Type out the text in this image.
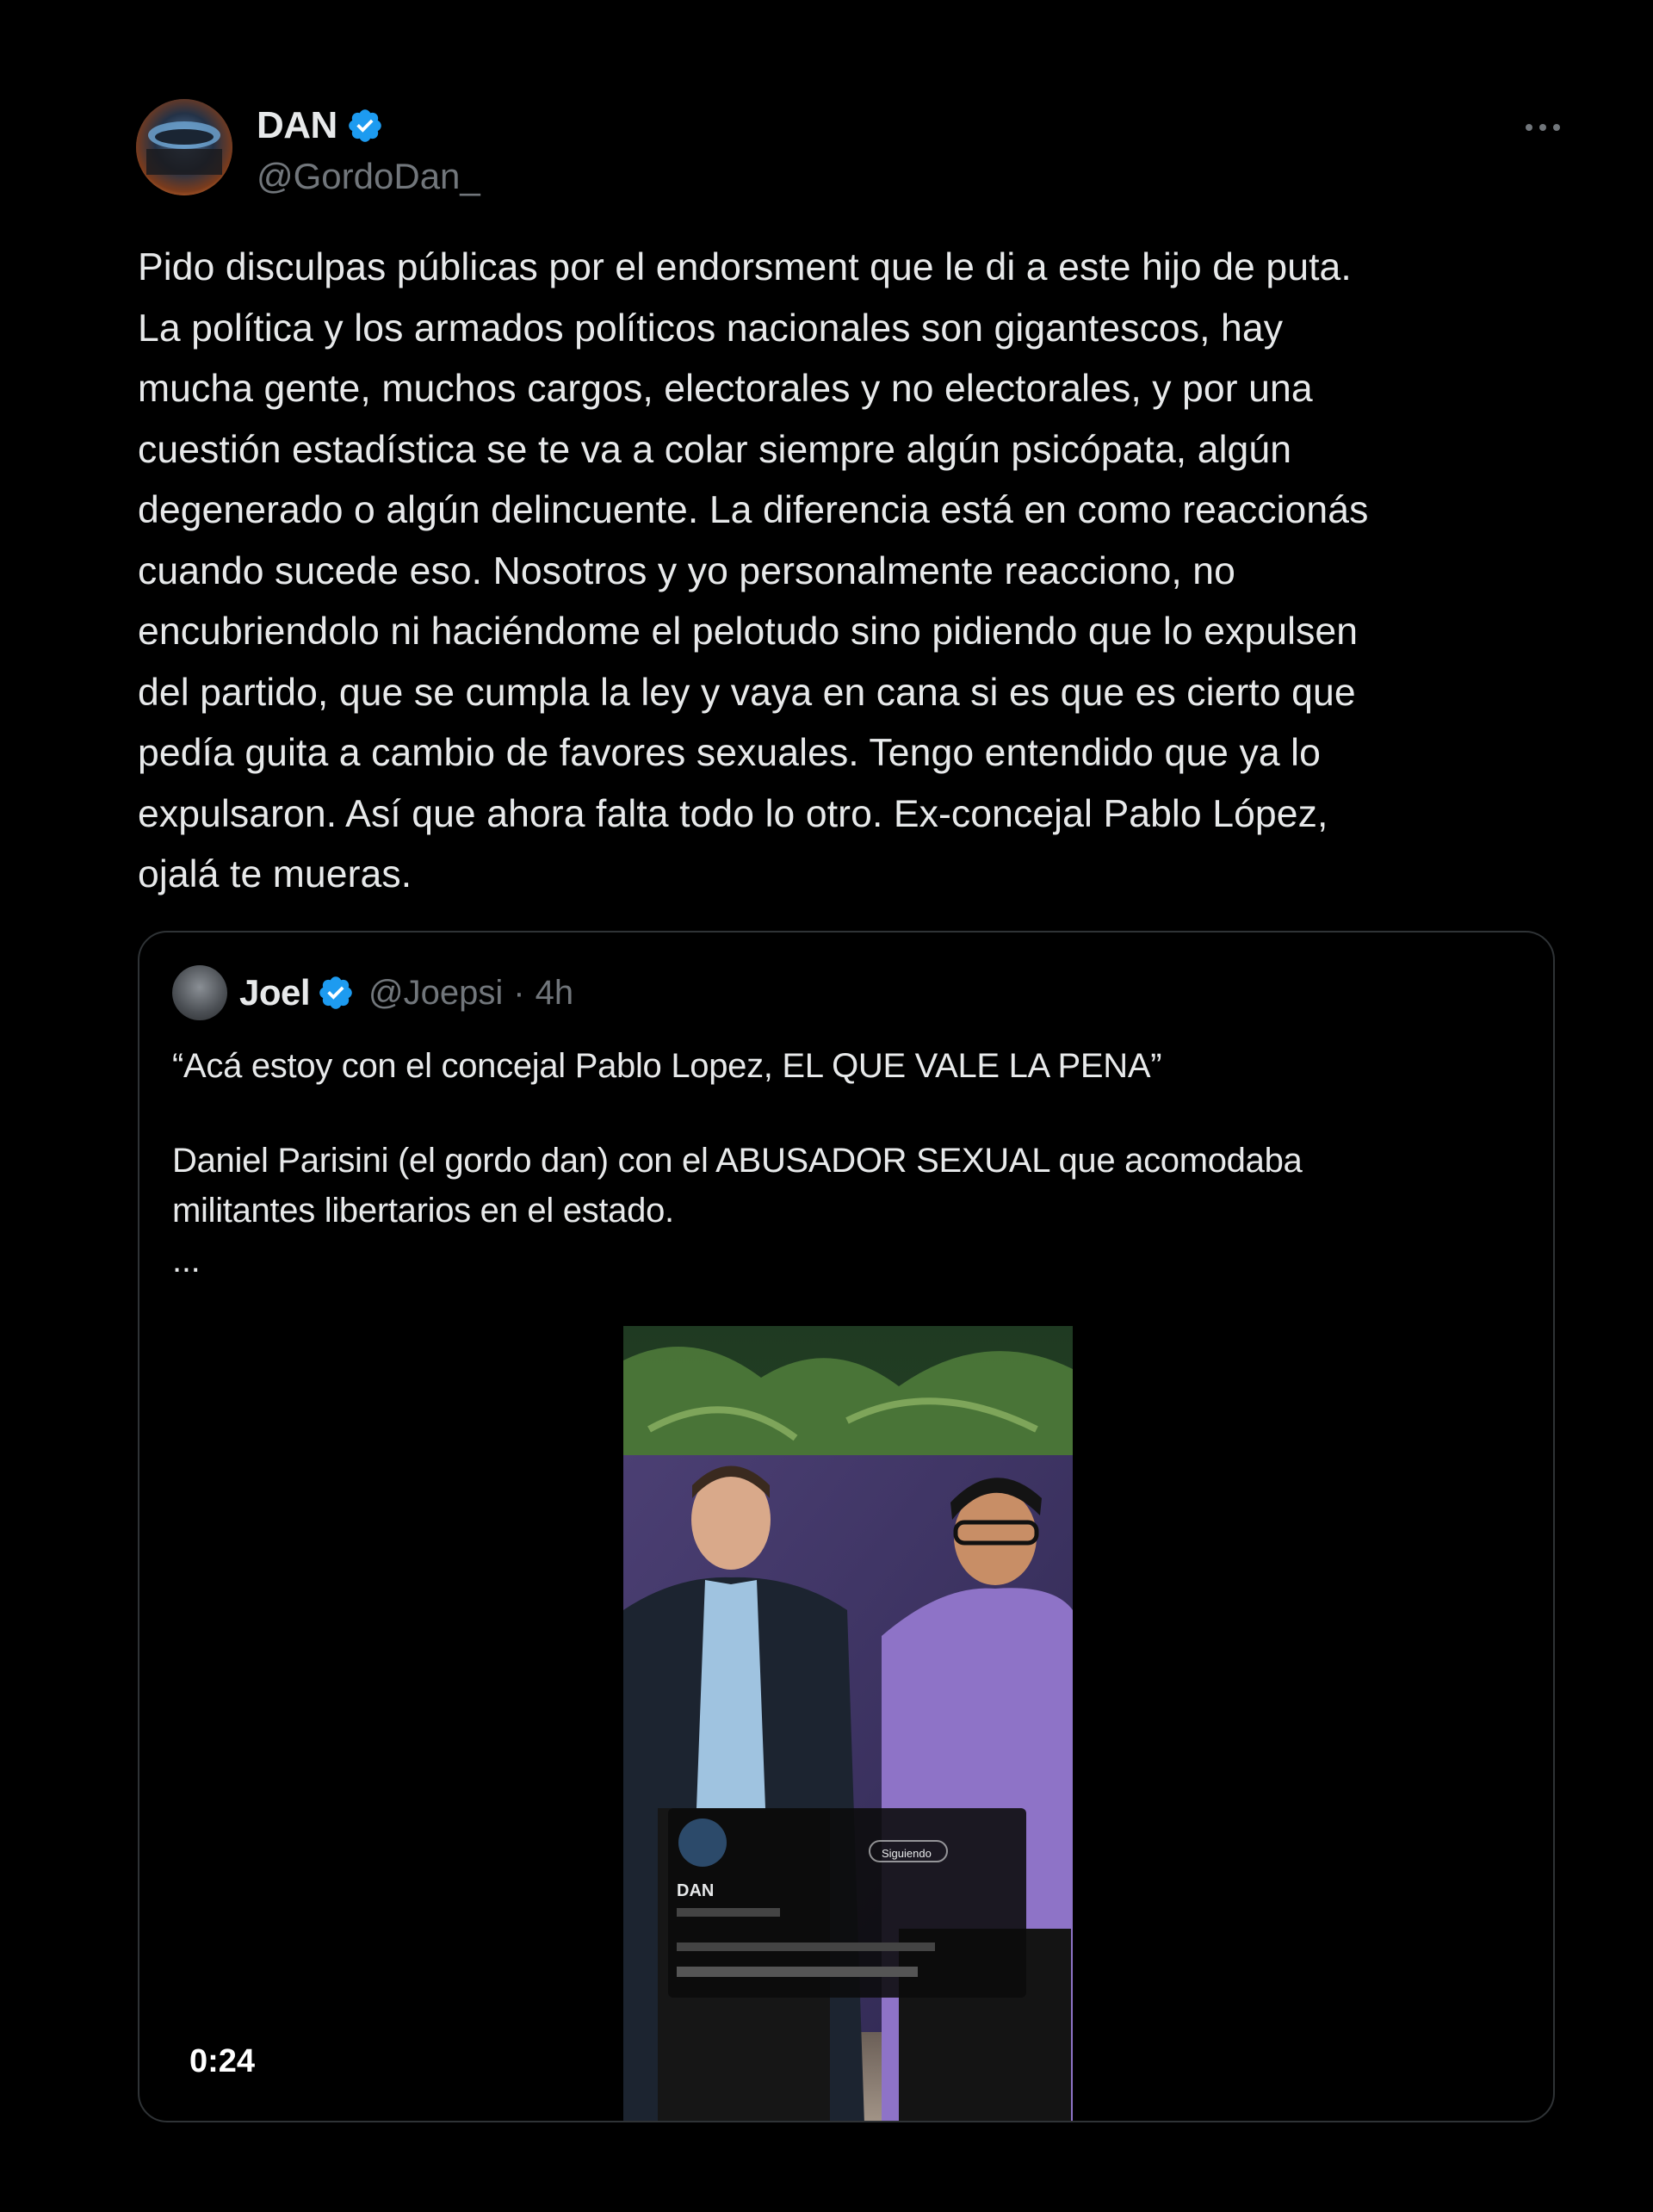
DAN
@GordoDan_
Pido disculpas públicas por el endorsment que le di a este hijo de puta.
La política y los armados políticos nacionales son gigantescos, hay
mucha gente, muchos cargos, electorales y no electorales, y por una
cuestión estadística se te va a colar siempre algún psicópata, algún
degenerado o algún delincuente. La diferencia está en como reaccionás
cuando sucede eso. Nosotros y yo personalmente reacciono, no
encubriendolo ni haciéndome el pelotudo sino pidiendo que lo expulsen
del partido, que se cumpla la ley y vaya en cana si es que es cierto que
pedía guita a cambio de favores sexuales. Tengo entendido que ya lo
expulsaron. Así que ahora falta todo lo otro. Ex-concejal Pablo López,
ojalá te mueras.
Joel @Joepsi · 4h
“Acá estoy con el concejal Pablo Lopez, EL QUE VALE LA PENA”
Daniel Parisini (el gordo dan) con el ABUSADOR SEXUAL que acomodaba
militantes libertarios en el estado.
...
DAN
Siguiendo
0:24
